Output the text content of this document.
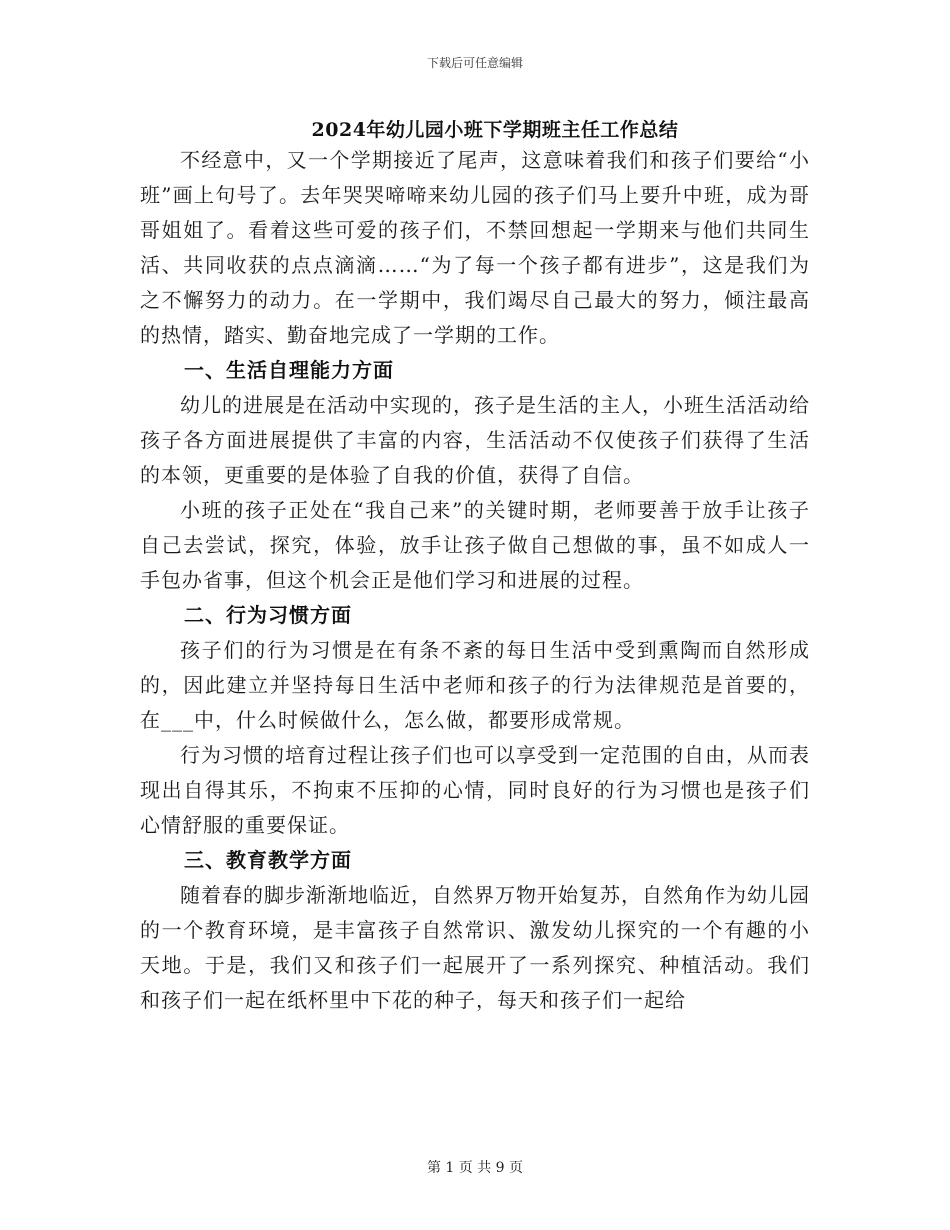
下载后可任意编辑
2024年幼儿园小班下学期班主任工作总结

不经意中，又一个学期接近了尾声，这意味着我们和孩子们要给“小班”画上句号了。去年哭哭啼啼来幼儿园的孩子们马上要升中班，成为哥哥姐姐了。看着这些可爱的孩子们，不禁回想起一学期来与他们共同生活、共同收获的点点滴滴……“为了每一个孩子都有进步”，这是我们为之不懈努力的动力。在一学期中，我们竭尽自己最大的努力，倾注最高的热情，踏实、勤奋地完成了一学期的工作。

一、生活自理能力方面

幼儿的进展是在活动中实现的，孩子是生活的主人，小班生活活动给孩子各方面进展提供了丰富的内容，生活活动不仅使孩子们获得了生活的本领，更重要的是体验了自我的价值，获得了自信。

小班的孩子正处在“我自己来”的关键时期，老师要善于放手让孩子自己去尝试，探究，体验，放手让孩子做自己想做的事，虽不如成人一手包办省事，但这个机会正是他们学习和进展的过程。

二、行为习惯方面

孩子们的行为习惯是在有条不紊的每日生活中受到熏陶而自然形成的，因此建立并坚持每日生活中老师和孩子的行为法律规范是首要的，在___中，什么时候做什么，怎么做，都要形成常规。

行为习惯的培育过程让孩子们也可以享受到一定范围的自由，从而表现出自得其乐，不拘束不压抑的心情，同时良好的行为习惯也是孩子们心情舒服的重要保证。

三、教育教学方面

随着春的脚步渐渐地临近，自然界万物开始复苏，自然角作为幼儿园的一个教育环境，是丰富孩子自然常识、激发幼儿探究的一个有趣的小天地。于是，我们又和孩子们一起展开了一系列探究、种植活动。我们和孩子们一起在纸杯里中下花的种子，每天和孩子们一起给

第 1 页 共 9 页
